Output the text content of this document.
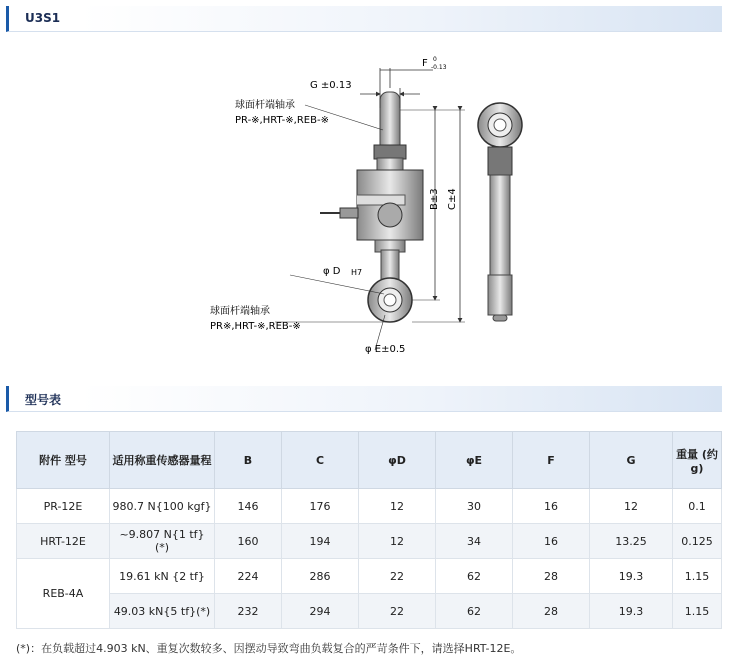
U3S1
球面杆端轴承
PR-※,HRT-※,REB-※
G ±0.13
F 0
-0.13
B±3 C±4
φ D H7
球面杆端轴承
PR※,HRT-※,REB-※
φ E±0.5
型号表
附件 型号	适用称重传感器量程	B	C	φD	φE	F	G	重量 (约g)
PR-12E	980.7 N{100 kgf}	146	176	12	30	16	12	0.1
HRT-12E	~9.807 N{1 tf} (*)	160	194	12	34	16	13.25	0.125
REB-4A	19.61 kN {2 tf}	224	286	22	62	28	19.3	1.15
	49.03 kN{5 tf}(*)	232	294	22	62	28	19.3	1.15
(*)：在负载超过4.903 kN、重复次数较多、因摆动导致弯曲负载复合的严苛条件下，请选择HRT-12E。
